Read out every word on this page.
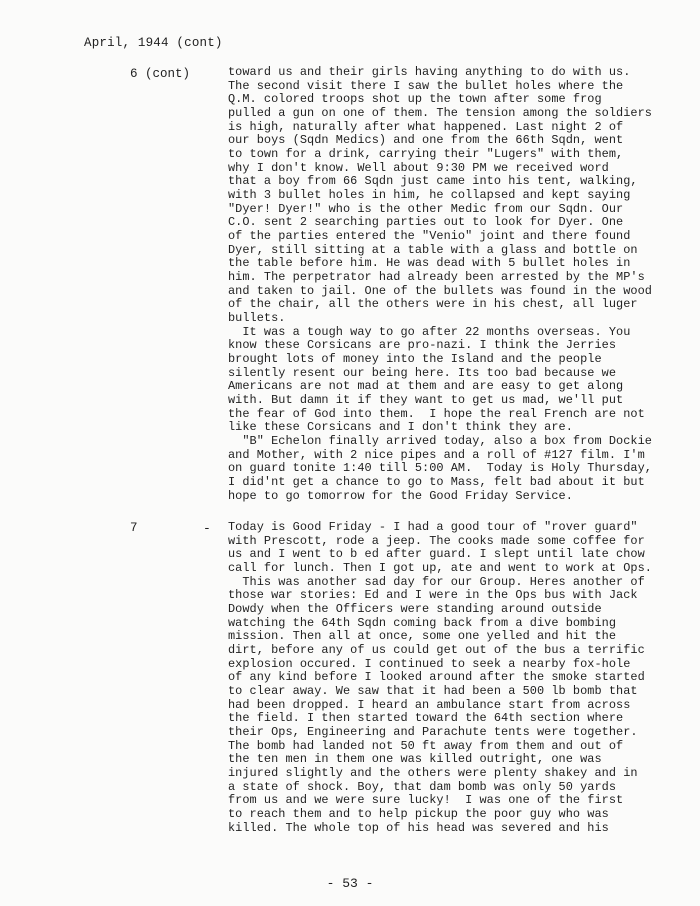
April, 1944 (cont)
6 (cont)	toward us and their girls having anything to do with us.
The second visit there I saw the bullet holes where the
Q.M. colored troops shot up the town after some frog
pulled a gun on one of them. The tension among the soldiers
is high, naturally after what happened. Last night 2 of
our boys (Sqdn Medics) and one from the 66th Sqdn, went
to town for a drink, carrying their "Lugers" with them,
why I don't know. Well about 9:30 PM we received word
that a boy from 66 Sqdn just came into his tent, walking,
with 3 bullet holes in him, he collapsed and kept saying
"Dyer! Dyer!" who is the other Medic from our Sqdn. Our
C.O. sent 2 searching parties out to look for Dyer. One
of the parties entered the "Venio" joint and there found
Dyer, still sitting at a table with a glass and bottle on
the table before him. He was dead with 5 bullet holes in
him. The perpetrator had already been arrested by the MP's
and taken to jail. One of the bullets was found in the wood
of the chair, all the others were in his chest, all luger
bullets.
It was a tough way to go after 22 months overseas. You
know these Corsicans are pro-nazi. I think the Jerries
brought lots of money into the Island and the people
silently resent our being here. Its too bad because we
Americans are not mad at them and are easy to get along
with. But damn it if they want to get us mad, we'll put
the fear of God into them.  I hope the real French are not
like these Corsicans and I don't think they are.
"B" Echelon finally arrived today, also a box from Dockie
and Mother, with 2 nice pipes and a roll of #127 film. I'm
on guard tonite 1:40 till 5:00 AM.  Today is Holy Thursday,
I did'nt get a chance to go to Mass, felt bad about it but
hope to go tomorrow for the Good Friday Service.
7	- Today is Good Friday - I had a good tour of "rover guard"
with Prescott, rode a jeep. The cooks made some coffee for
us and I went to b ed after guard. I slept until late chow
call for lunch. Then I got up, ate and went to work at Ops.
This was another sad day for our Group. Heres another of
those war stories: Ed and I were in the Ops bus with Jack
Dowdy when the Officers were standing around outside
watching the 64th Sqdn coming back from a dive bombing
mission. Then all at once, some one yelled and hit the
dirt, before any of us could get out of the bus a terrific
explosion occured. I continued to seek a nearby fox-hole
of any kind before I looked around after the smoke started
to clear away. We saw that it had been a 500 lb bomb that
had been dropped. I heard an ambulance start from across
the field. I then started toward the 64th section where
their Ops, Engineering and Parachute tents were together.
The bomb had landed not 50 ft away from them and out of
the ten men in them one was killed outright, one was
injured slightly and the others were plenty shakey and in
a state of shock. Boy, that dam bomb was only 50 yards
from us and we were sure lucky!  I was one of the first
to reach them and to help pickup the poor guy who was
killed. The whole top of his head was severed and his
- 53 -
